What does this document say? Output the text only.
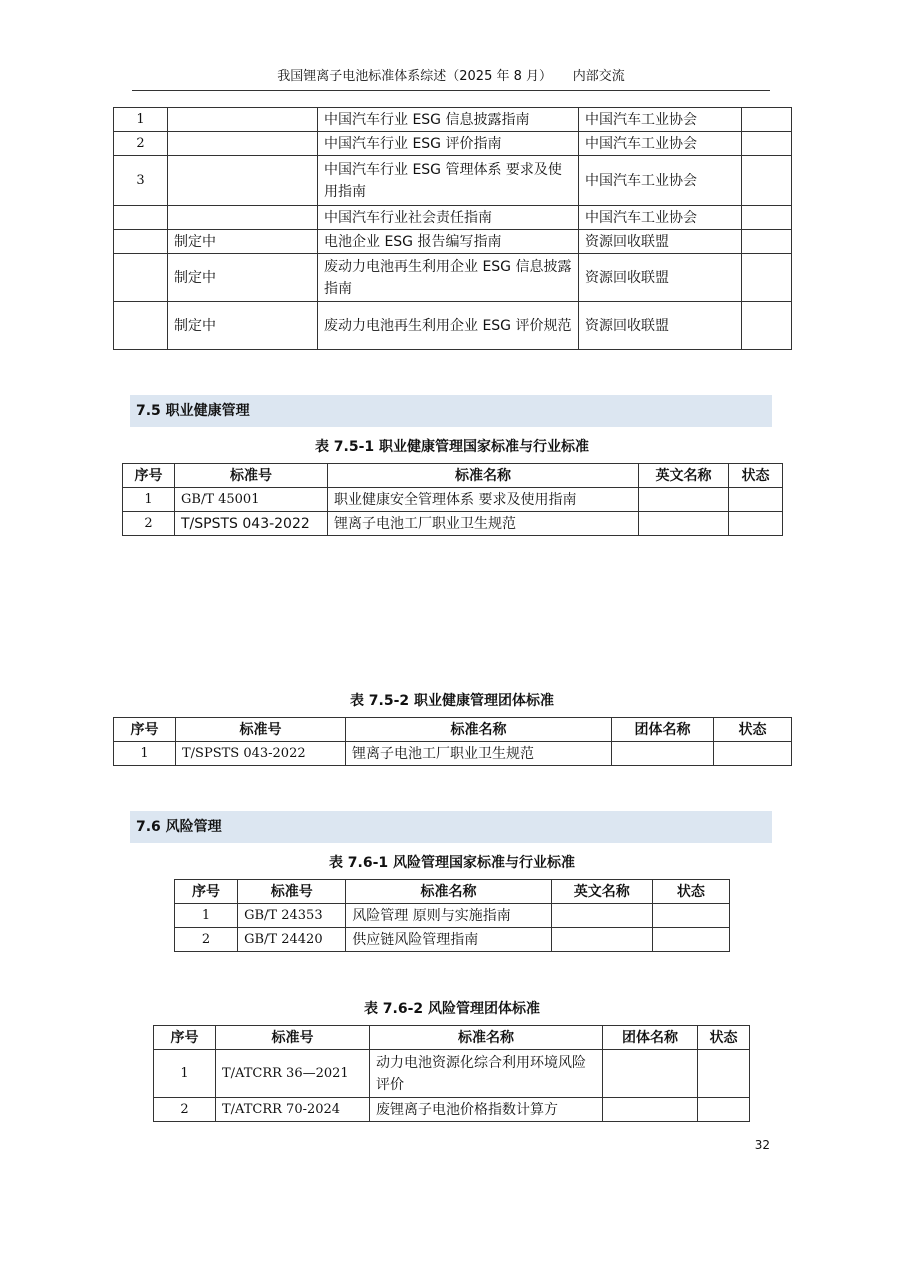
我国锂离子电池标准体系综述（2025 年 8 月） 内部交流
1		中国汽车行业 ESG 信息披露指南	中国汽车工业协会	
2		中国汽车行业 ESG 评价指南	中国汽车工业协会	
3		中国汽车行业 ESG 管理体系 要求及使用指南	中国汽车工业协会	
		中国汽车行业社会责任指南	中国汽车工业协会	
	制定中	电池企业 ESG 报告编写指南	资源回收联盟	
	制定中	废动力电池再生利用企业 ESG 信息披露指南	资源回收联盟	
	制定中	废动力电池再生利用企业 ESG 评价规范	资源回收联盟	
7.5 职业健康管理
表 7.5-1 职业健康管理国家标准与行业标准
序号	标准号	标准名称	英文名称	状态
1	GB/T 45001	职业健康安全管理体系 要求及使用指南		
2	T/SPSTS 043-2022	锂离子电池工厂职业卫生规范		
表 7.5-2 职业健康管理团体标准
序号	标准号	标准名称	团体名称	状态
1	T/SPSTS 043-2022	锂离子电池工厂职业卫生规范		
7.6 风险管理
表 7.6-1 风险管理国家标准与行业标准
序号	标准号	标准名称	英文名称	状态
1	GB/T 24353	风险管理 原则与实施指南		
2	GB/T 24420	供应链风险管理指南		
表 7.6-2 风险管理团体标准
序号	标准号	标准名称	团体名称	状态
1	T/ATCRR 36—2021	动力电池资源化综合利用环境风险评价		
2	T/ATCRR 70-2024	废锂离子电池价格指数计算方		
32
